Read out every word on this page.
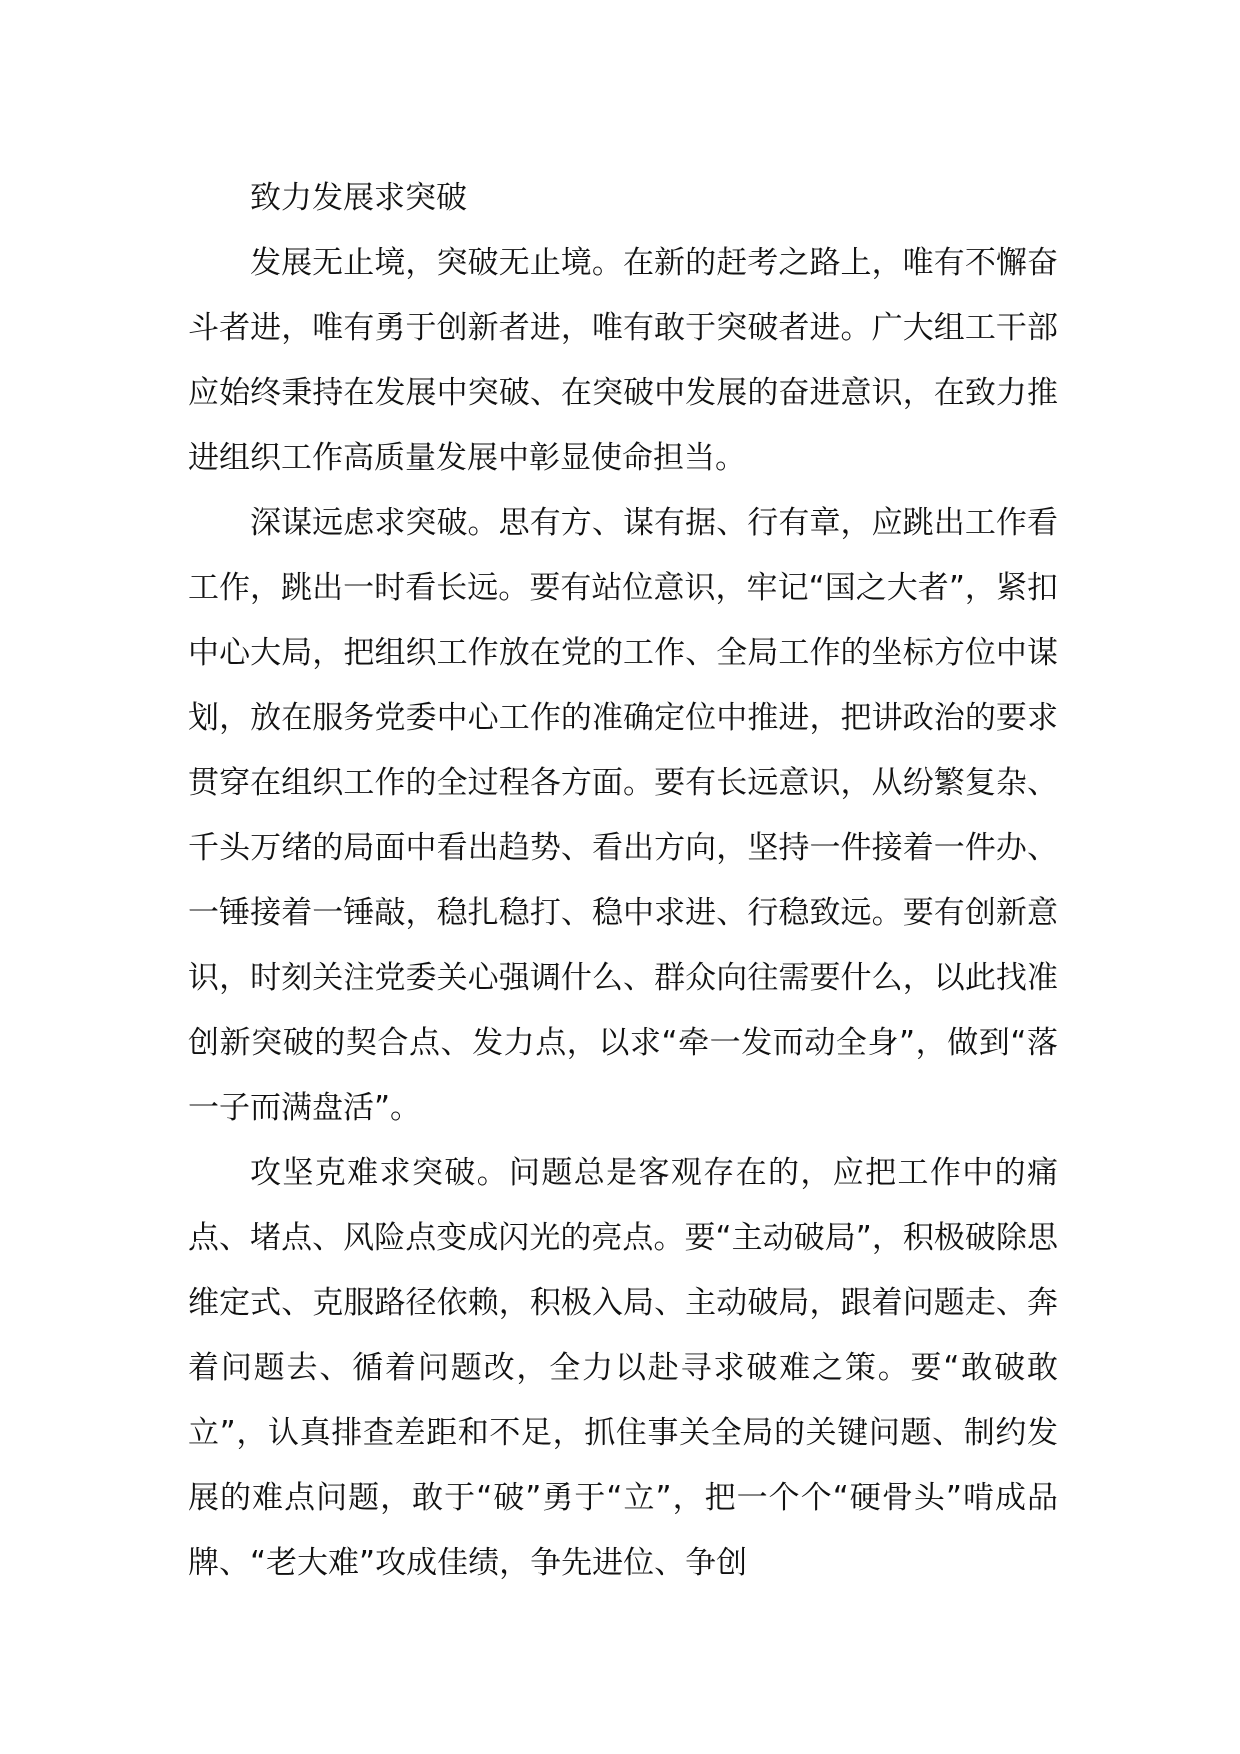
致力发展求突破

发展无止境，突破无止境。在新的赶考之路上，唯有不懈奋斗者进，唯有勇于创新者进，唯有敢于突破者进。广大组工干部应始终秉持在发展中突破、在突破中发展的奋进意识，在致力推进组织工作高质量发展中彰显使命担当。

深谋远虑求突破。思有方、谋有据、行有章，应跳出工作看工作，跳出一时看长远。要有站位意识，牢记“国之大者”，紧扣中心大局，把组织工作放在党的工作、全局工作的坐标方位中谋划，放在服务党委中心工作的准确定位中推进，把讲政治的要求贯穿在组织工作的全过程各方面。要有长远意识，从纷繁复杂、千头万绪的局面中看出趋势、看出方向，坚持一件接着一件办、一锤接着一锤敲，稳扎稳打、稳中求进、行稳致远。要有创新意识，时刻关注党委关心强调什么、群众向往需要什么，以此找准创新突破的契合点、发力点，以求“牵一发而动全身”，做到“落一子而满盘活”。

攻坚克难求突破。问题总是客观存在的，应把工作中的痛点、堵点、风险点变成闪光的亮点。要“主动破局”，积极破除思维定式、克服路径依赖，积极入局、主动破局，跟着问题走、奔着问题去、循着问题改，全力以赴寻求破难之策。要“敢破敢立”，认真排查差距和不足，抓住事关全局的关键问题、制约发展的难点问题，敢于“破”勇于“立”，把一个个“硬骨头”啃成品牌、“老大难”攻成佳绩，争先进位、争创
